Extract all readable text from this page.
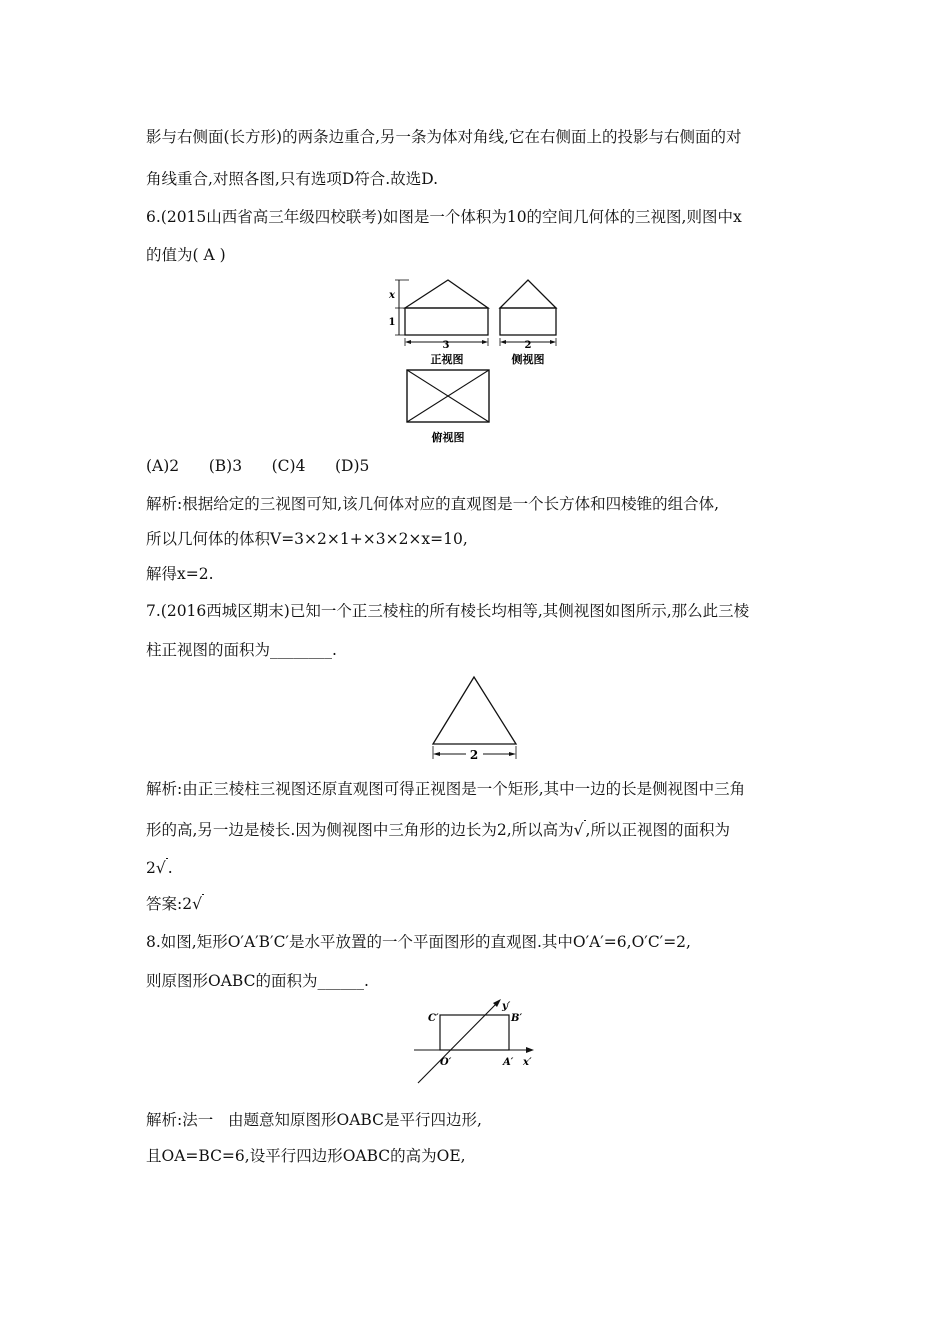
影与右侧面(长方形)的两条边重合,另一条为体对角线,它在右侧面上的投影与右侧面的对
角线重合,对照各图,只有选项D符合.故选D.
6.(2015山西省高三年级四校联考)如图是一个体积为10的空间几何体的三视图,则图中x
的值为( A )
x
1
3
正视图
2
侧视图
俯视图
(A)2      (B)3      (C)4      (D)5
解析:根据给定的三视图可知,该几何体对应的直观图是一个长方体和四棱锥的组合体,
所以几何体的体积V=3×2×1+×3×2×x=10,
解得x=2.
7.(2016西城区期末)已知一个正三棱柱的所有棱长均相等,其侧视图如图所示,那么此三棱
柱正视图的面积为________.
2
解析:由正三棱柱三视图还原直观图可得正视图是一个矩形,其中一边的长是侧视图中三角
形的高,另一边是棱长.因为侧视图中三角形的边长为2,所以高为√ ,所以正视图的面积为
2√ .
答案:2√
8.如图,矩形O′A′B′C′是水平放置的一个平面图形的直观图.其中O′A′=6,O′C′=2,
则原图形OABC的面积为______.
C′	B′
O′	A′ x′
y′
解析:法一   由题意知原图形OABC是平行四边形,
且OA=BC=6,设平行四边形OABC的高为OE,
